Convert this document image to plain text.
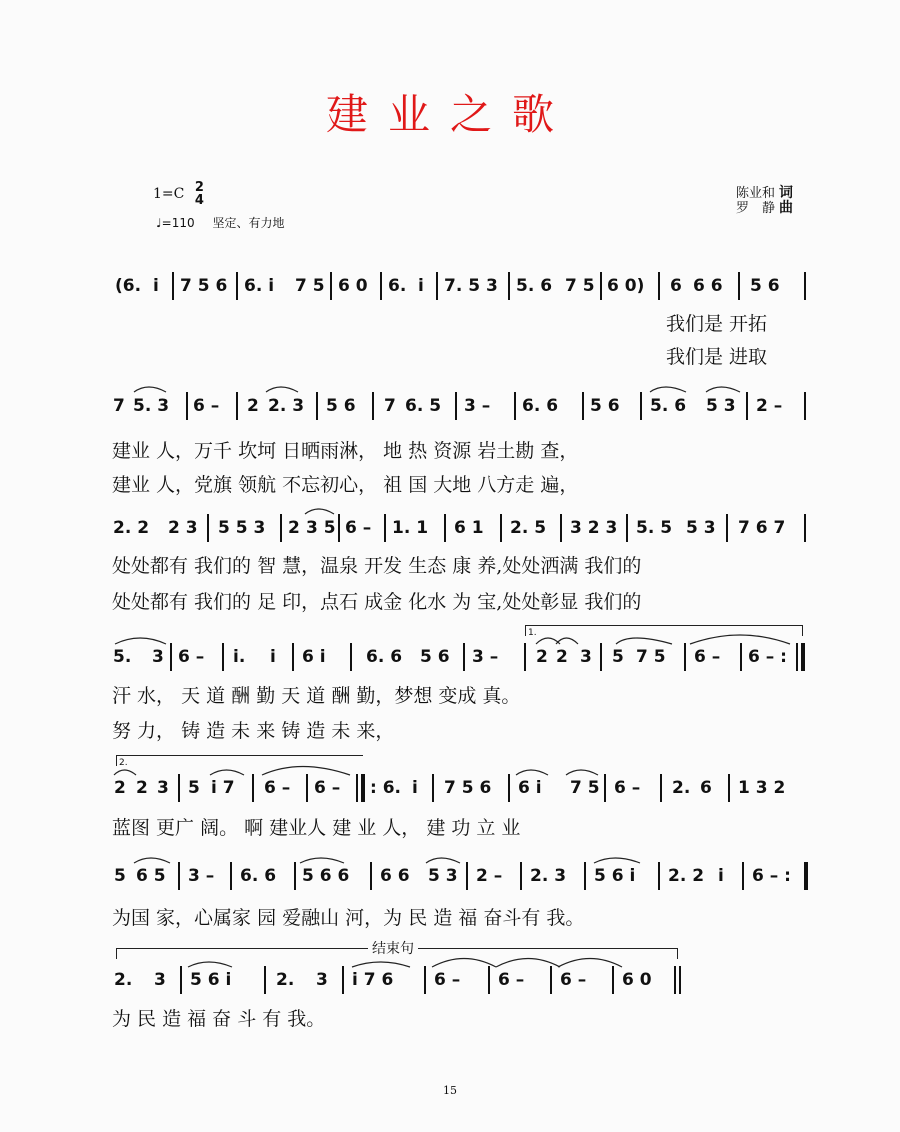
建业之歌
1=C 2
4
♩=110 坚定、有力地
陈业和 词
罗　静 曲
(6. i 7 5 6 6. i 7 5 6 0 6. i 7. 5 3 5. 6 7 5 6 0) 6 6 6 5 6
我们是 开拓
我们是 进取
7 5. 3 6 – 2 2. 3 5 6 7 6. 5 3 – 6. 6 5 6 5. 6 5 3 2 –
建业 人，万千 坎坷 日晒雨淋， 地 热 资源 岩土勘 查，
建业 人，党旗 领航 不忘初心， 祖 国 大地 八方走 遍，
2. 2 2 3 5 5 3 2 3 5 6 – 1. 1 6 1 2. 5 3 2 3 5. 5 5 3 7 6 7
处处都有 我们的 智 慧，温泉 开发 生态 康 养,处处洒满 我们的
处处都有 我们的 足 印，点石 成金 化水 为 宝,处处彰显 我们的
1.
5. 3 6 – i. i 6 i 6. 6 5 6 3 – 2 2 3 5 7 5 6 – 6 – :
汗 水， 天 道 酬 勤 天 道 酬 勤，梦想 变成 真。
努 力， 铸 造 未 来 铸 造 未 来，
2.
2 2 3 5 i 7 6 – 6 – : 6. i 7 5 6 6 i 7 5 6 – 2. 6 1 3 2
蓝图 更广 阔。 啊 建业人 建 业 人， 建 功 立 业
5 6 5 3 – 6. 6 5 6 6 6 6 5 3 2 – 2. 3 5 6 i 2. 2 i 6 – :
为国 家，心属家 园 爱融山 河，为 民 造 福 奋斗有 我。
结束句
2. 3 5 6 i	2. 3 i 7 6 6 – 6 – 6 – 6 0
为 民 造 福 奋 斗 有 我。
15
